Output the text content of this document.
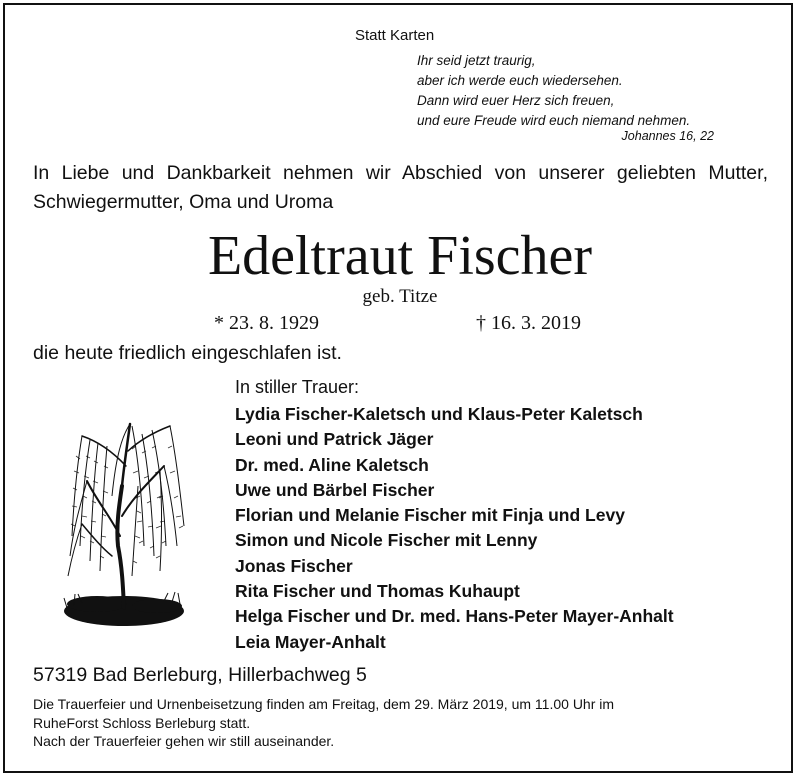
Statt Karten
Ihr seid jetzt traurig,
aber ich werde euch wiedersehen.
Dann wird euer Herz sich freuen,
und eure Freude wird euch niemand nehmen.
Johannes 16, 22
In Liebe und Dankbarkeit nehmen wir Abschied von unserer geliebten Mutter, Schwiegermutter, Oma und Uroma
Edeltraut Fischer
geb. Titze
* 23. 8. 1929	† 16. 3. 2019
die heute friedlich eingeschlafen ist.
In stiller Trauer:
Lydia Fischer-Kaletsch und Klaus-Peter Kaletsch
Leoni und Patrick Jäger
Dr. med. Aline Kaletsch
Uwe und Bärbel Fischer
Florian und Melanie Fischer mit Finja und Levy
Simon und Nicole Fischer mit Lenny
Jonas Fischer
Rita Fischer und Thomas Kuhaupt
Helga Fischer und Dr. med. Hans-Peter Mayer-Anhalt
Leia Mayer-Anhalt
57319 Bad Berleburg, Hillerbachweg 5
Die Trauerfeier und Urnenbeisetzung finden am Freitag, dem 29. März 2019, um 11.00 Uhr im
RuheForst Schloss Berleburg statt.
Nach der Trauerfeier gehen wir still auseinander.
